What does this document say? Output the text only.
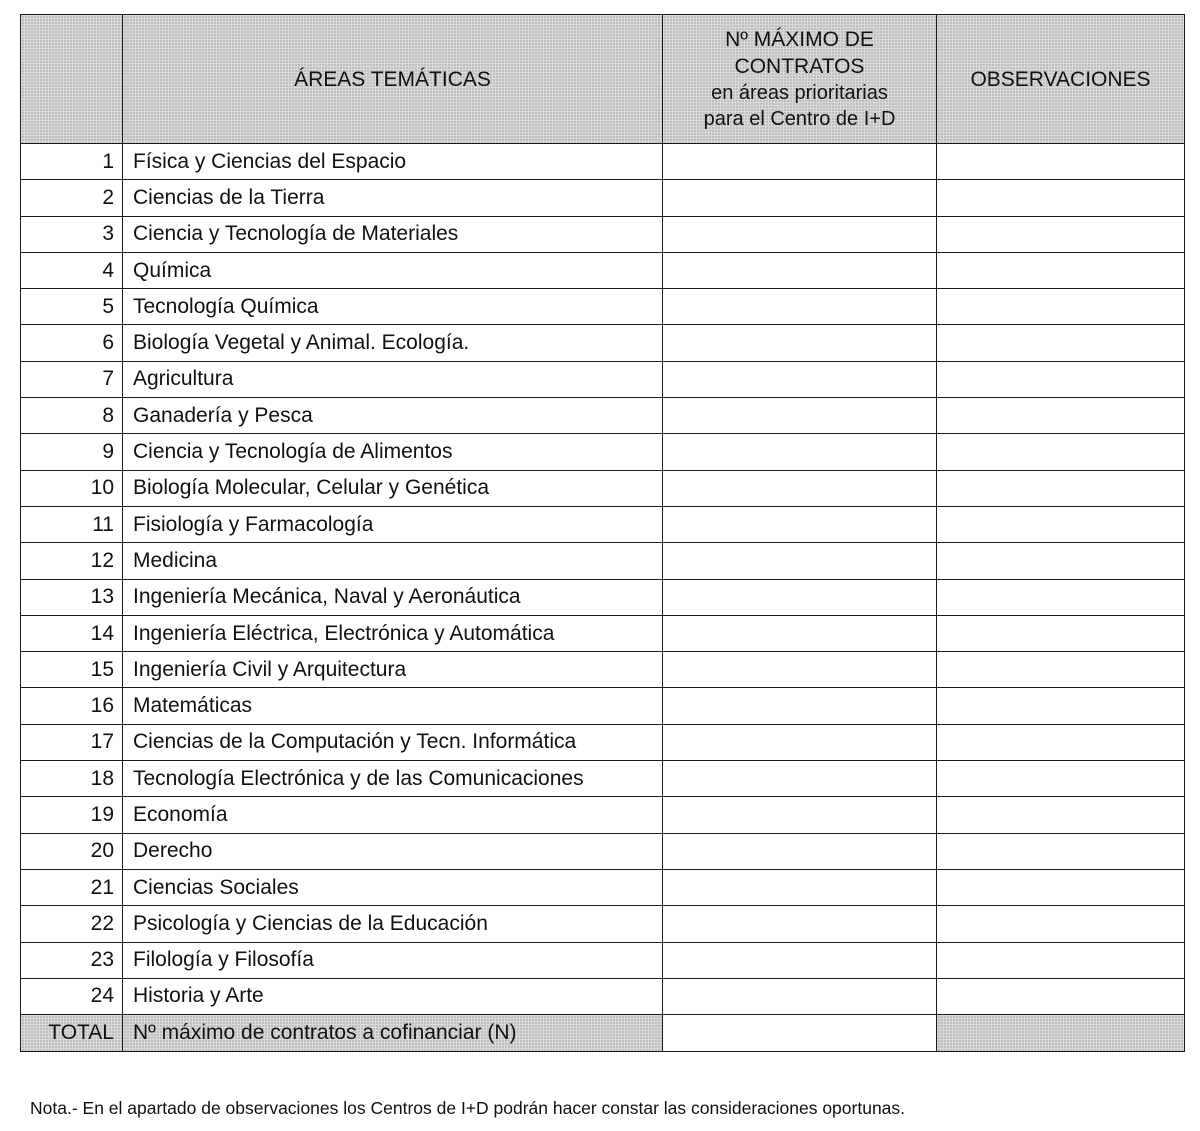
	ÁREAS TEMÁTICAS	Nº MÁXIMO DE
CONTRATOS
en áreas prioritarias
para el Centro de I+D	OBSERVACIONES
1	Física y Ciencias del Espacio		
2	Ciencias de la Tierra		
3	Ciencia y Tecnología de Materiales		
4	Química		
5	Tecnología Química		
6	Biología Vegetal y Animal. Ecología.		
7	Agricultura		
8	Ganadería y Pesca		
9	Ciencia y Tecnología de Alimentos		
10	Biología Molecular, Celular y Genética		
11	Fisiología y Farmacología		
12	Medicina		
13	Ingeniería Mecánica, Naval y Aeronáutica		
14	Ingeniería Eléctrica, Electrónica y Automática		
15	Ingeniería Civil y Arquitectura		
16	Matemáticas		
17	Ciencias de la Computación y Tecn. Informática		
18	Tecnología Electrónica y de las Comunicaciones		
19	Economía		
20	Derecho		
21	Ciencias Sociales		
22	Psicología y Ciencias de la Educación		
23	Filología y Filosofía		
24	Historia y Arte		
TOTAL	Nº máximo de contratos a cofinanciar (N)		
Nota.- En el apartado de observaciones los Centros de I+D podrán hacer constar las consideraciones oportunas.
